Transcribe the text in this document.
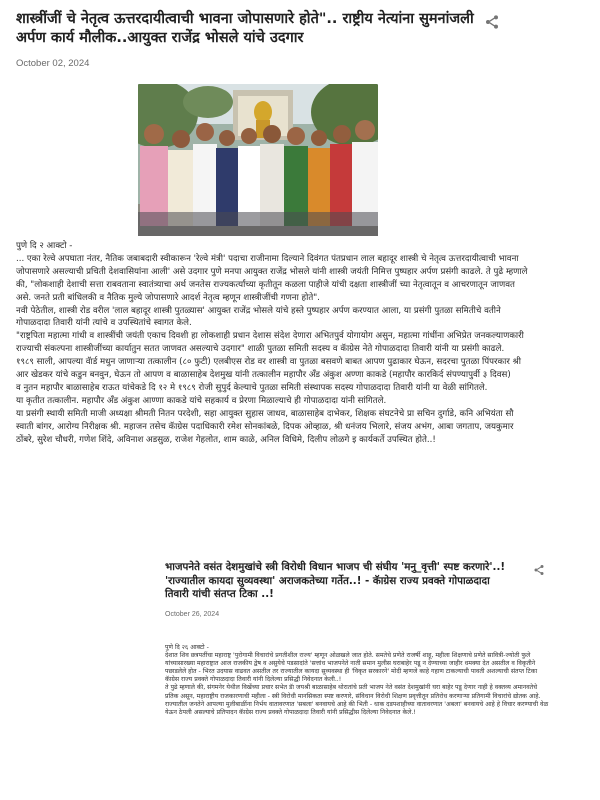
शास्त्रींजीं चे नेतृत्व ऊत्तरदायीत्वाची भावना जोपासणारे होते".. राष्ट्रीय नेत्यांना सुमनांजली अर्पण कार्य मौलीक..आयुक्त राजेंद्र भोसले यांचे उदगार
October 02, 2024

पुणे दि २ आक्टो -

... एका रेल्वे अपघाता नंतर, नैतिक जबाबदारी स्वीकारून 'रेल्वे मंत्री' पदाचा राजीनामा दिल्याने दिवंगत पंतप्रधान लाल बहादूर शास्त्री चे नेतृत्व ऊत्तरदायीत्वाची भावना जोपासणारे असल्याची प्रचिती देशवासियांना आली' असे उदगार पुणे मनपा आयुक्त राजेंद्र भोसले यांनी शास्त्री जयंती निमित्त पुष्पहार अर्पण प्रसंगी काढले. ते पुढे म्हणाले की, "लोकशाही देशाची सत्ता राबवताना स्वातंत्र्याचा अर्थ जनतेस राज्यकर्त्यांच्या कृतीतून कळला पाहीजे यांची दक्षता शास्त्रीजीं च्या नेतृत्वातून व आचरणातून जाणवत असे. जनते प्रती बांधिलकी व नैतिक मुल्ये जोपासणारे आदर्श नेतृत्व म्हणून शास्त्रीजींची गणना होते".

नवी पेठेतील, शास्त्री रोड वरील 'लाल बहादूर शास्त्री पुतळ्यास' आयुक्त राजेंद्र भोसले यांचे हस्ते पुष्पहार अर्पण करण्यात आला, या प्रसंगी पुतळा समितीचे वतीने गोपाळदादा तिवारी यांनी त्यांचे व उपस्थितांचे स्वागत केले.

"राष्ट्रपिता महात्मा गांधी व शास्त्रींची जयंती एकाच दिवशी हा लोकशाही प्रधान देशास संदेश देणारा अभितपुर्व योगायोग असुन, महात्मा गांधींना अभिप्रेत जनकल्याणकारी राज्याची संकल्पना शास्त्रीजींच्या कार्यातुन सतत जाणवत असल्याचे उदगार" शाळी पुतळा समिती सदस्य व कॅाग्रेस नेते गोपाळदादा तिवारी यांनी या प्रसंगी काढले.

१९८९ साली, आपल्या वॅार्ड मधुन जाणाऱ्या तत्कालीन (८० फुटी) एलबीएस रोड वर शास्त्री वा पुतळा बसवणे बाबत आपण पुढाकार घेऊन, सदरचा पुतळा पिंपरकार श्री आर खेडकर यांचे कडुन बनवुन, घेऊन तो आपण व बाळासाहेब देशमुख यांनी तत्कालीन महापौर अँड अंकुश अण्णा काकडे (महापौर कारकिर्द संपण्यापुर्वी ३ दिवस)

व नुतन महापौर बाळासाहेब राऊत यांचेकडे दि १२ मे १९८९ रोजी सुपुर्द केल्याचे पुतळा समिती संस्थापक सदस्य गोपाळदादा तिवारी यांनी या वेळी सांगितले.

या कृतीत तत्कालीन. महापौर अँड अंकुश आण्णा काकडे यांचे सहकार्य व प्रेरणा मिळाल्याचे ही गोपाळदादा यांनी सांगितले.

या प्रसंगी स्थायी समिती माजी अध्यक्षा श्रीमती नितन परदेशी, सहा आयुक्त सुहास जाधव, बाळासाहेब दाभेकर, शिक्षक संघटनेचे प्रा सचिन दुर्गाडे, कनि अभियंता सौ स्वाती बांगर, आरोग्य निरीक्षक श्री. महाजन तसेच कॅाग्रेस पदाधिकारी रमेश सोनकांबळे, दिपक ओव्हाळ, श्री धनंजय भिलारे, संजय अभंग, आबा जगताप, जयकुमार ठोंबरे, सुरेश चौधरी, गणेश शिंदे, अविनाश अडसुळ, राजेश गेहलोत, शाम काळे, अनिल विधिमे, दिलीप लोळगे इ कार्यकर्ते उपस्थित होते..!

भाजपनेते वसंत देशमुखांचे स्त्री विरोधी विधान भाजप ची संघीय 'मनु_वृत्ती' स्पष्ट करणारे'..! 'राज्यातील कायदा सुव्यवस्था' अराजकतेच्या गर्तेत..! - कॅाग्रेस राज्य प्रवक्ते गोपाळदादा तिवारी यांची संतप्त टिका ..!
October 26, 2024

पुणे दि २६ आक्टो -

देशात शिव छत्रपतींचा महाराष्ट्र 'पुरोगामी विचारांचे प्रगतीशील राज्य' म्हणून ओळखले जात होते. समतेचे प्रणेते राजर्षी शाहू, महीला शिक्षणाचे प्रणेते सावित्री-ज्योती फुले यांच्यासारख्या महाराष्ट्रात आज राजकीय द्वेष व असुयेचे पडसादांते 'सत्तांध भाजपनेते नाती समान मुलीस घराबाहेर पडू न देण्याच्या जाहीर धमक्या देत असतील व विकृतीने पछाडलेले होत - भिरत उदयास वाढवत असतील तर राज्यातील कायदा सुव्यवस्था ही 'विकृत सरकारने' मोदी म्हणजे काहे गहाण टाकल्याची पावती अशल्याची संतप्त टिका कॅाग्रेस राज्य प्रवक्ते गोपाळदादा तिवारी यांनी दिलेल्या प्रसिद्धी निवेदनात केली..!

ते पुढे म्हणाले की, संगमनेर येथील विखेंच्या प्रचार सभेत डॅा जयश्री बाळासाहेब थोरातांचे प्रती भाजप नेते वसंत देशमुखांनी घरा बाहेर पडू देणार नाही हे वक्तव्य अमानवतेचे प्रतिक असून, महाराष्ट्रीय राजकारणाची महीला - स्त्री विरोधी मानसिकता स्पष्ट करणारे, संविधान विरोधी शिक्षण प्रवृत्तीतून प्रतिरोध करणाऱ्या प्रतिगामी विचारांचे द्योतक आहे.

राज्यातील जनतेने आपल्या मुलीबाळींना निर्भय वातावरणात 'सबला' बनवायचे आहे की भिती - धाक दडपशाहीच्या वातावरणात 'अबला' बनवायचे आहे हे विचार करण्याची वेळ येऊन ठेपली असल्याचे प्रतिपादन कॅाग्रेस राज्य प्रवक्ते गोपाळदादा तिवारी यांनी प्रसिद्धीस दिलेल्या निवेदनात केले.!
